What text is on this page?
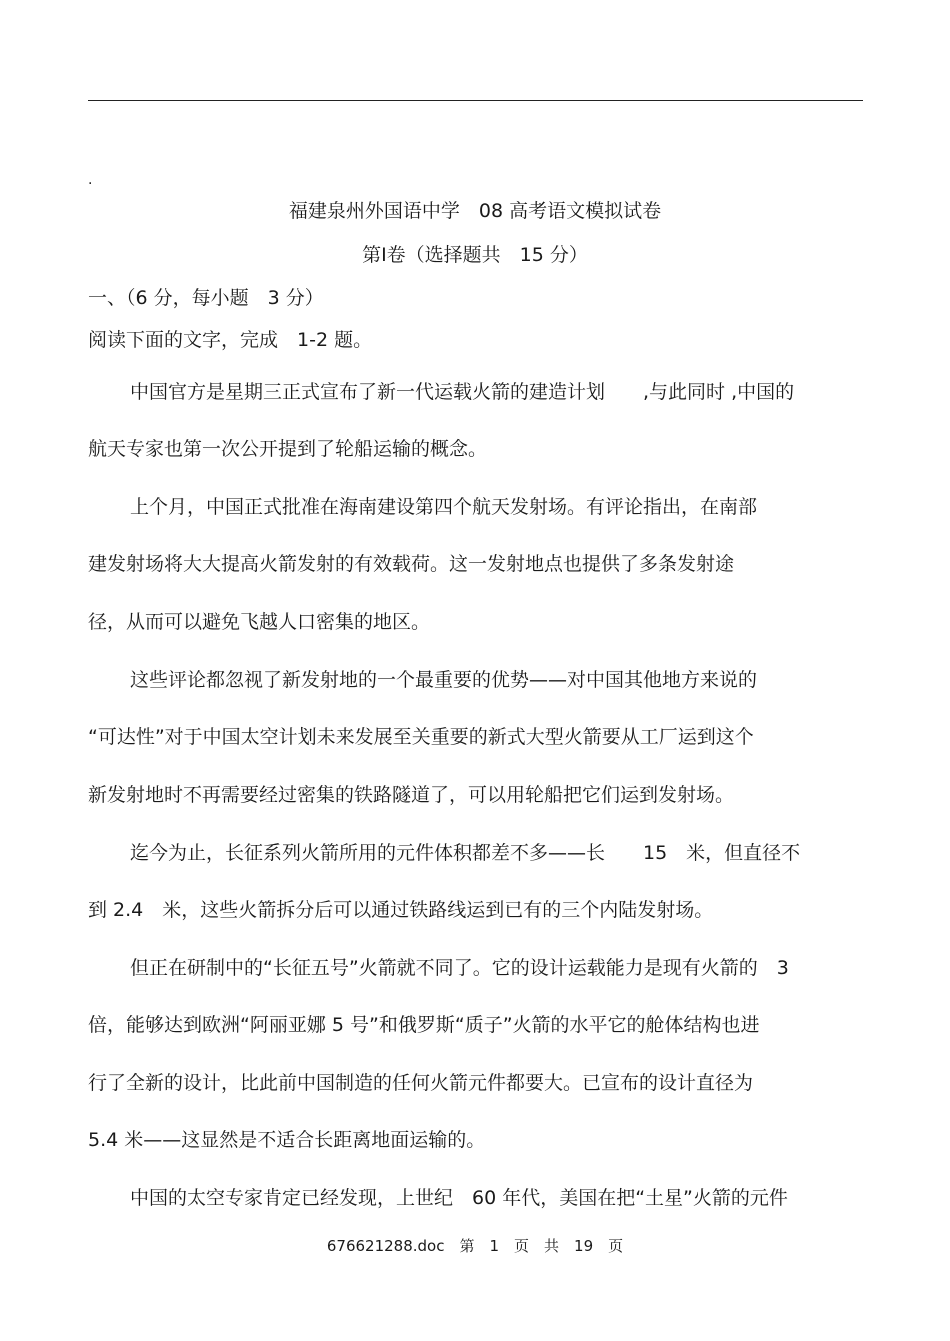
.
福建泉州外国语中学　08 高考语文模拟试卷
第Ⅰ卷（选择题共　15 分）
一、（6 分，每小题　3 分）
阅读下面的文字，完成　1-2 题。
中国官方是星期三正式宣布了新一代运载火箭的建造计划　　,与此同时 ,中国的
航天专家也第一次公开提到了轮船运输的概念。
上个月，中国正式批准在海南建设第四个航天发射场。有评论指出，在南部
建发射场将大大提高火箭发射的有效载荷。这一发射地点也提供了多条发射途
径，从而可以避免飞越人口密集的地区。
这些评论都忽视了新发射地的一个最重要的优势——对中国其他地方来说的
“可达性”对于中国太空计划未来发展至关重要的新式大型火箭要从工厂运到这个
新发射地时不再需要经过密集的铁路隧道了，可以用轮船把它们运到发射场。
迄今为止，长征系列火箭所用的元件体积都差不多——长　　15　米，但直径不
到 2.4　米，这些火箭拆分后可以通过铁路线运到已有的三个内陆发射场。
但正在研制中的“长征五号”火箭就不同了。它的设计运载能力是现有火箭的　3
倍，能够达到欧洲“阿丽亚娜 5 号”和俄罗斯“质子”火箭的水平它的舱体结构也进
行了全新的设计，比此前中国制造的任何火箭元件都要大。已宣布的设计直径为
5.4 米——这显然是不适合长距离地面运输的。
中国的太空专家肯定已经发现，上世纪　60 年代，美国在把“土星”火箭的元件
676621288.doc　第　1　页　共　19　页
